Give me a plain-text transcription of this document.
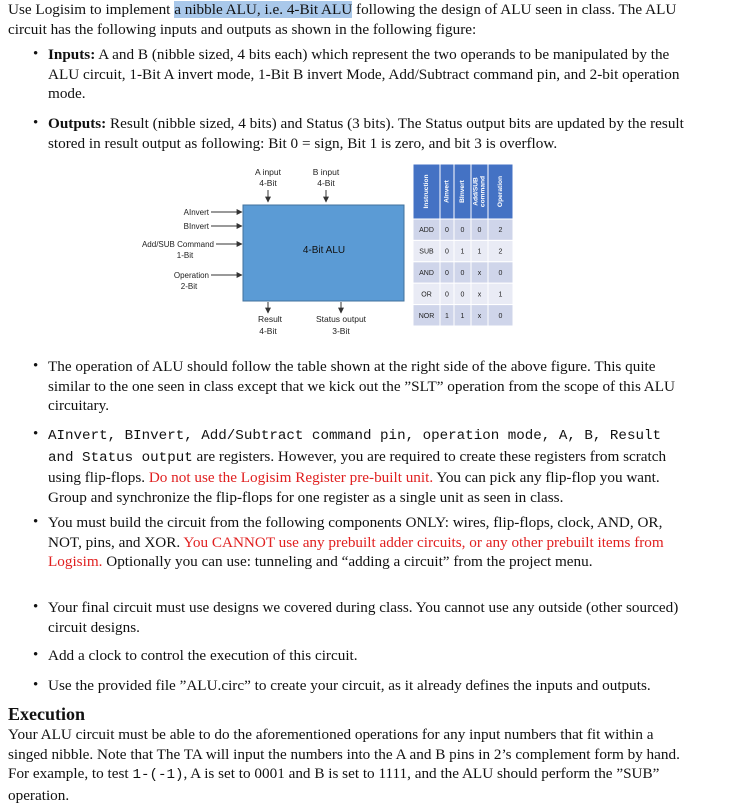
Use Logisim to implement a nibble ALU, i.e. 4-Bit ALU following the design of ALU seen in class. The ALU circuit has the following inputs and outputs as shown in the following figure:

• Inputs: A and B (nibble sized, 4 bits each) which represent the two operands to be manipulated by the ALU circuit, 1-Bit A invert mode, 1-Bit B invert Mode, Add/Subtract command pin, and 2-bit operation mode.

• Outputs: Result (nibble sized, 4 bits) and Status (3 bits). The Status output bits are updated by the result stored in result output as following: Bit 0 = sign, Bit 1 is zero, and bit 3 is overflow.

A input
4-Bit
B input
4-Bit
4-Bit ALU
AInvert
BInvert
Add/SUB Command
1-Bit
Operation
2-Bit
Result
4-Bit
Status output
3-Bit
Instruction AInvert BInvert Add/SUB command Operation
ADD 0 0 0 2
SUB 0 1 1 2
AND 0 0 x 0
OR 0 0 x 1
NOR 1 1 x 0
• The operation of ALU should follow the table shown at the right side of the above figure. This quite similar to the one seen in class except that we kick out the ”SLT” operation from the scope of this ALU circuitary.

• AInvert, BInvert, Add/Subtract command pin, operation mode, A, B, Result and Status output are registers. However, you are required to create these registers from scratch using flip-flops. Do not use the Logisim Register pre-built unit. You can pick any flip-flop you want. Group and synchronize the flip-flops for one register as a single unit as seen in class.

• You must build the circuit from the following components ONLY: wires, flip-flops, clock, AND, OR, NOT, pins, and XOR. You CANNOT use any prebuilt adder circuits, or any other prebuilt items from Logisim. Optionally you can use: tunneling and “adding a circuit” from the project menu.

• Your final circuit must use designs we covered during class. You cannot use any outside (other sourced) circuit designs.

• Add a clock to control the execution of this circuit.

• Use the provided file ”ALU.circ” to create your circuit, as it already defines the inputs and outputs.

Execution

Your ALU circuit must be able to do the aforementioned operations for any input numbers that fit within a singed nibble. Note that The TA will input the numbers into the A and B pins in 2’s complement form by hand. For example, to test 1-(-1), A is set to 0001 and B is set to 1111, and the ALU should perform the ”SUB” operation.
